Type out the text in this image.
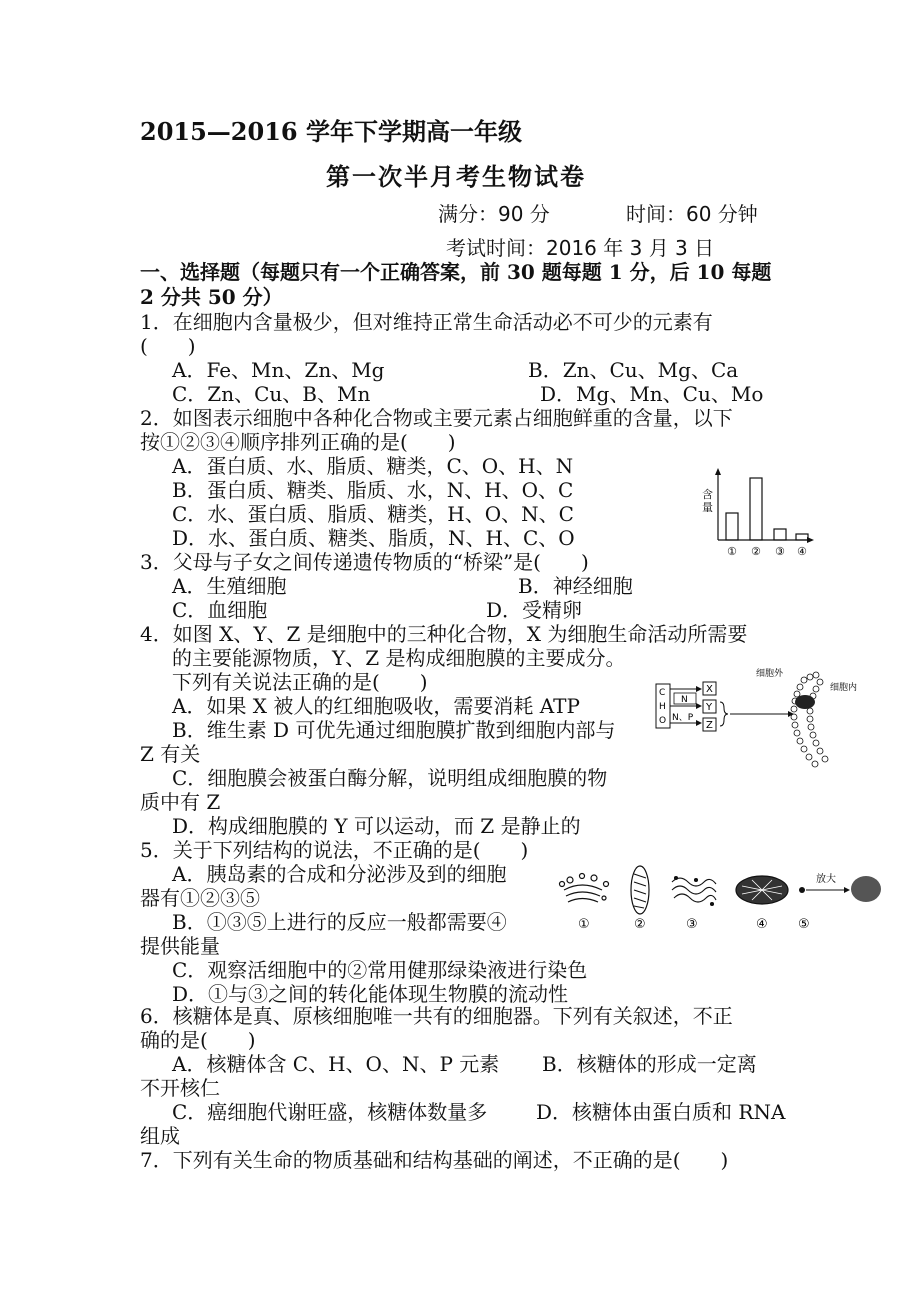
2015—2016 学年下学期高一年级
第一次半月考生物试卷
满分：90 分	时间：60 分钟
考试时间：2016 年 3 月 3 日
一、选择题（每题只有一个正确答案，前 30 题每题 1 分，后 10 每题
2 分共 50 分）
1．在细胞内含量极少，但对维持正常生命活动必不可少的元素有
(　　)
A．Fe、Mn、Zn、Mg	B．Zn、Cu、Mg、Ca
C．Zn、Cu、B、Mn	D．Mg、Mn、Cu、Mo
2．如图表示细胞中各种化合物或主要元素占细胞鲜重的含量，以下
按①②③④顺序排列正确的是(　　)
A．蛋白质、水、脂质、糖类，C、O、H、N
B．蛋白质、糖类、脂质、水，N、H、O、C
C．水、蛋白质、脂质、糖类，H、O、N、C
D．水、蛋白质、糖类、脂质，N、H、C、O
含
量
① ② ③ ④
3．父母与子女之间传递遗传物质的“桥梁”是(　　)
A．生殖细胞	B．神经细胞
C．血细胞	D．受精卵
4．如图 X、Y、Z 是细胞中的三种化合物，X 为细胞生命活动所需要
的主要能源物质，Y、Z 是构成细胞膜的主要成分。
下列有关说法正确的是(　　)
A．如果 X 被人的红细胞吸收，需要消耗 ATP
B．维生素 D 可优先通过细胞膜扩散到细胞内部与
Z 有关
C．细胞膜会被蛋白酶分解，说明组成细胞膜的物
质中有 Z
D．构成细胞膜的 Y 可以运动，而 Z 是静止的
C
H
O
N
N、P
X
Y
Z
细胞外
细胞内
5．关于下列结构的说法，不正确的是(　　)
A．胰岛素的合成和分泌涉及到的细胞
器有①②③⑤
B．①③⑤上进行的反应一般都需要④
提供能量
C．观察活细胞中的②常用健那绿染液进行染色
D．①与③之间的转化能体现生物膜的流动性
放大
①	②	③	④ ⑤
6．核糖体是真、原核细胞唯一共有的细胞器。下列有关叙述，不正
确的是(　　)
A．核糖体含 C、H、O、N、P 元素 B．核糖体的形成一定离
不开核仁
C．癌细胞代谢旺盛，核糖体数量多 D．核糖体由蛋白质和 RNA
组成
7．下列有关生命的物质基础和结构基础的阐述，不正确的是(　　)
